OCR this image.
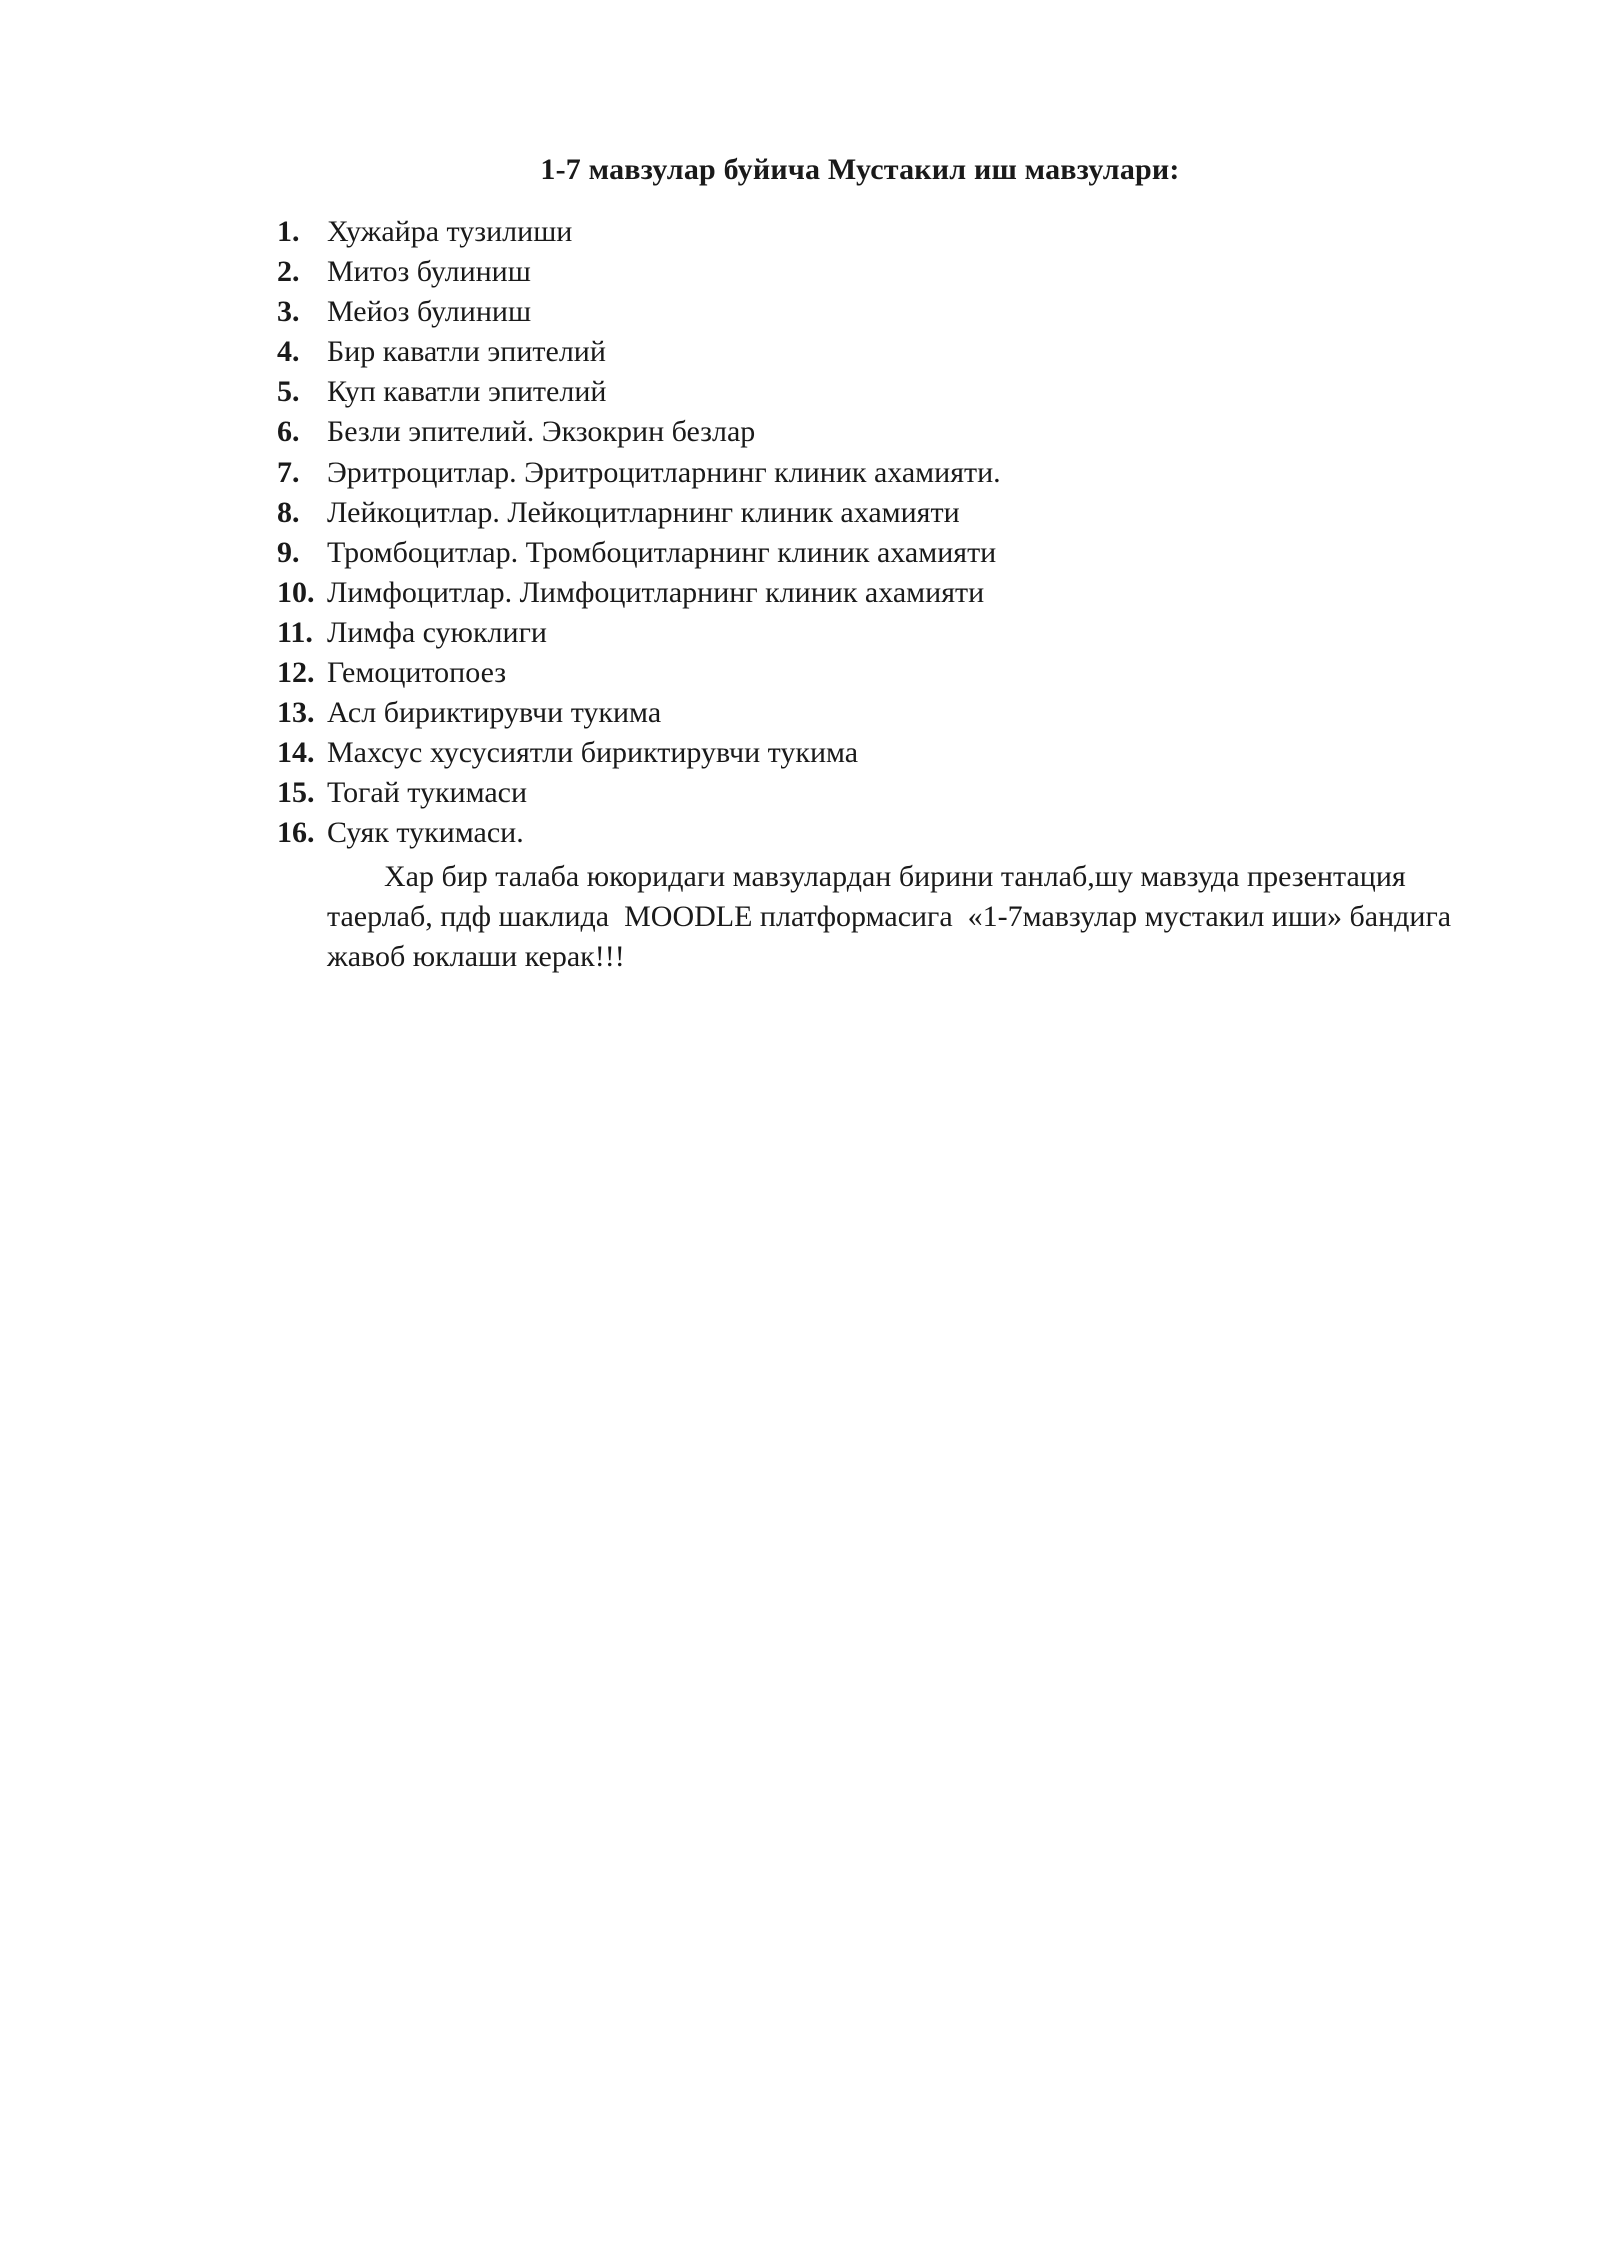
1-7 мавзулар буйича Мустакил иш мавзулари:
1. Хужайра тузилиши
2. Митоз булиниш
3. Мейоз булиниш
4. Бир каватли эпителий
5. Куп каватли эпителий
6. Безли эпителий. Экзокрин безлар
7. Эритроцитлар. Эритроцитларнинг клиник ахамияти.
8. Лейкоцитлар. Лейкоцитларнинг клиник ахамияти
9. Тромбоцитлар. Тромбоцитларнинг клиник ахамияти
10. Лимфоцитлар. Лимфоцитларнинг клиник ахамияти
11. Лимфа суюклиги
12. Гемоцитопоез
13. Асл бириктирувчи тукима
14. Махсус хусусиятли бириктирувчи тукима
15. Тогай тукимаси
16. Суяк тукимаси.

Хар бир талаба юкоридаги мавзулардан бирини танлаб,шу мавзуда презентация таерлаб, пдф шаклида  MOODLE платформасига  «1-7мавзулар мустакил иши» бандига жавоб юклаши керак!!!
